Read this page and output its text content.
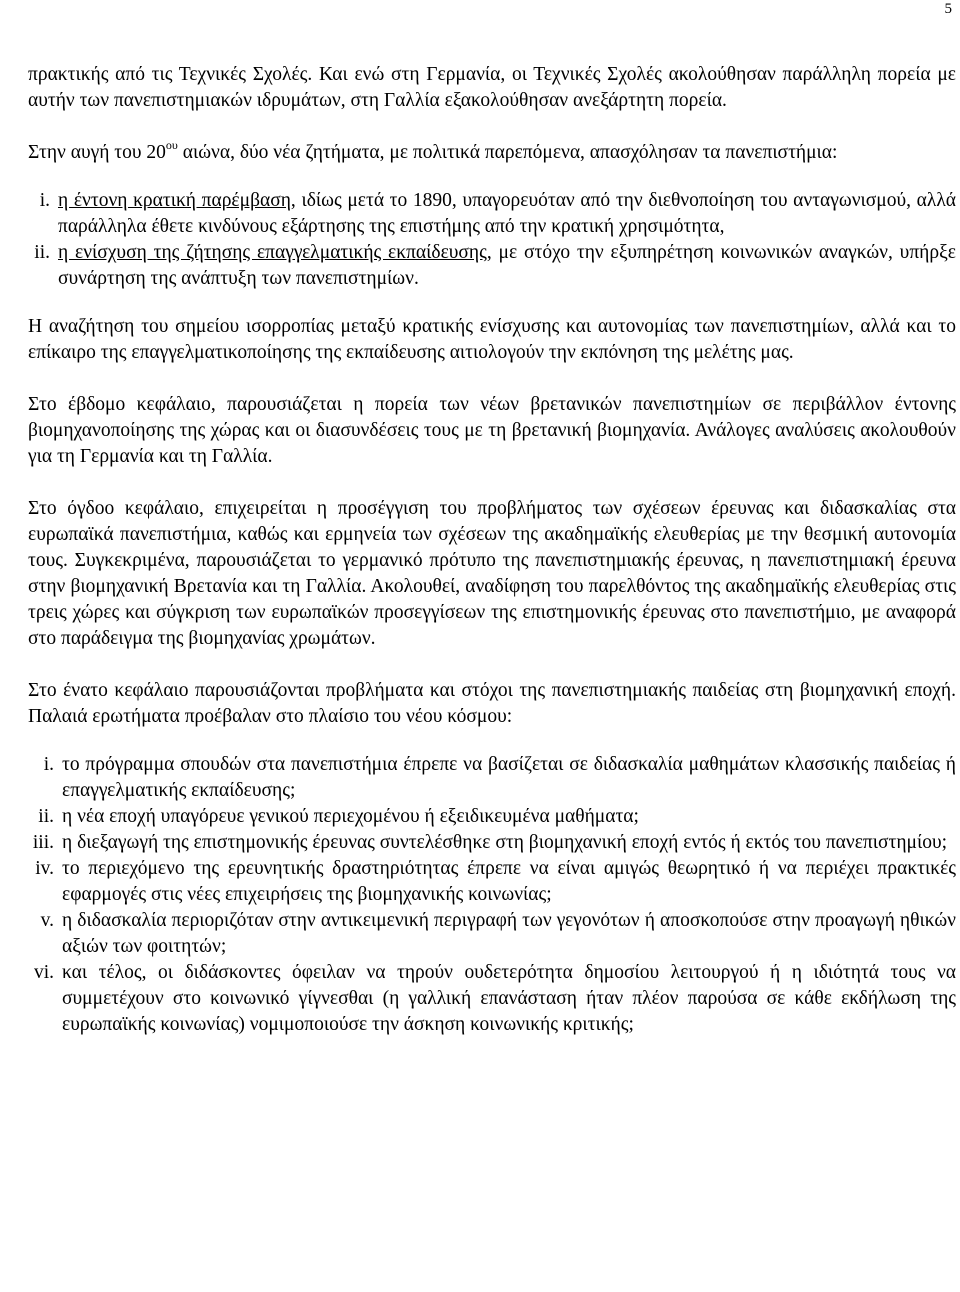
5

πρακτικής από τις Τεχνικές Σχολές. Και ενώ στη Γερμανία, οι Τεχνικές Σχολές ακολούθησαν παράλληλη πορεία με αυτήν των πανεπιστημιακών ιδρυμάτων, στη Γαλλία εξακολούθησαν ανεξάρτητη πορεία.

Στην αυγή του $20^{o\upsilon}$ αιώνα, δύο νέα ζητήματα, με πολιτικά παρεπόμενα, απασχόλησαν τα πανεπιστήμια:

i. η έντονη κρατική παρέμβαση, ιδίως μετά το 1890, υπαγορευόταν από την διεθνοποίηση του ανταγωνισμού, αλλά παράλληλα έθετε κινδύνους εξάρτησης της επιστήμης από την κρατική χρησιμότητα,
ii. η ενίσχυση της ζήτησης επαγγελματικής εκπαίδευσης, με στόχο την εξυπηρέτηση κοινωνικών αναγκών, υπήρξε συνάρτηση της ανάπτυξη των πανεπιστημίων.

Η αναζήτηση του σημείου ισορροπίας μεταξύ κρατικής ενίσχυσης και αυτονομίας των πανεπιστημίων, αλλά και το επίκαιρο της επαγγελματικοποίησης της εκπαίδευσης αιτιολογούν την εκπόνηση της μελέτης μας.

Στο έβδομο κεφάλαιο, παρουσιάζεται η πορεία των νέων βρετανικών πανεπιστημίων σε περιβάλλον έντονης βιομηχανοποίησης της χώρας και οι διασυνδέσεις τους με τη βρετανική βιομηχανία. Ανάλογες αναλύσεις ακολουθούν για τη Γερμανία και τη Γαλλία.

Στο όγδοο κεφάλαιο, επιχειρείται η προσέγγιση του προβλήματος των σχέσεων έρευνας και διδασκαλίας στα ευρωπαϊκά πανεπιστήμια, καθώς και ερμηνεία των σχέσεων της ακαδημαϊκής ελευθερίας με την θεσμική αυτονομία τους. Συγκεκριμένα, παρουσιάζεται το γερμανικό πρότυπο της πανεπιστημιακής έρευνας, η πανεπιστημιακή έρευνα στην βιομηχανική Βρετανία και τη Γαλλία. Ακολουθεί, αναδίφηση του παρελθόντος της ακαδημαϊκής ελευθερίας στις τρεις χώρες και σύγκριση των ευρωπαϊκών προσεγγίσεων της επιστημονικής έρευνας στο πανεπιστήμιο, με αναφορά στο παράδειγμα της βιομηχανίας χρωμάτων.

Στο ένατο κεφάλαιο παρουσιάζονται προβλήματα και στόχοι της πανεπιστημιακής παιδείας στη βιομηχανική εποχή. Παλαιά ερωτήματα προέβαλαν στο πλαίσιο του νέου κόσμου:

i. το πρόγραμμα σπουδών στα πανεπιστήμια έπρεπε να βασίζεται σε διδασκαλία μαθημάτων κλασσικής παιδείας ή επαγγελματικής εκπαίδευσης;
ii. η νέα εποχή υπαγόρευε γενικού περιεχομένου ή εξειδικευμένα μαθήματα;
iii. η διεξαγωγή της επιστημονικής έρευνας συντελέσθηκε στη βιομηχανική εποχή εντός ή εκτός του πανεπιστημίου;
iv. το περιεχόμενο της ερευνητικής δραστηριότητας έπρεπε να είναι αμιγώς θεωρητικό ή να περιέχει πρακτικές εφαρμογές στις νέες επιχειρήσεις της βιομηχανικής κοινωνίας;
v. η διδασκαλία περιοριζόταν στην αντικειμενική περιγραφή των γεγονότων ή αποσκοπούσε στην προαγωγή ηθικών αξιών των φοιτητών;
vi. και τέλος, οι διδάσκοντες όφειλαν να τηρούν ουδετερότητα δημοσίου λειτουργού ή η ιδιότητά τους να συμμετέχουν στο κοινωνικό γίγνεσθαι (η γαλλική επανάσταση ήταν πλέον παρούσα σε κάθε εκδήλωση της ευρωπαϊκής κοινωνίας) νομιμοποιούσε την άσκηση κοινωνικής κριτικής;
